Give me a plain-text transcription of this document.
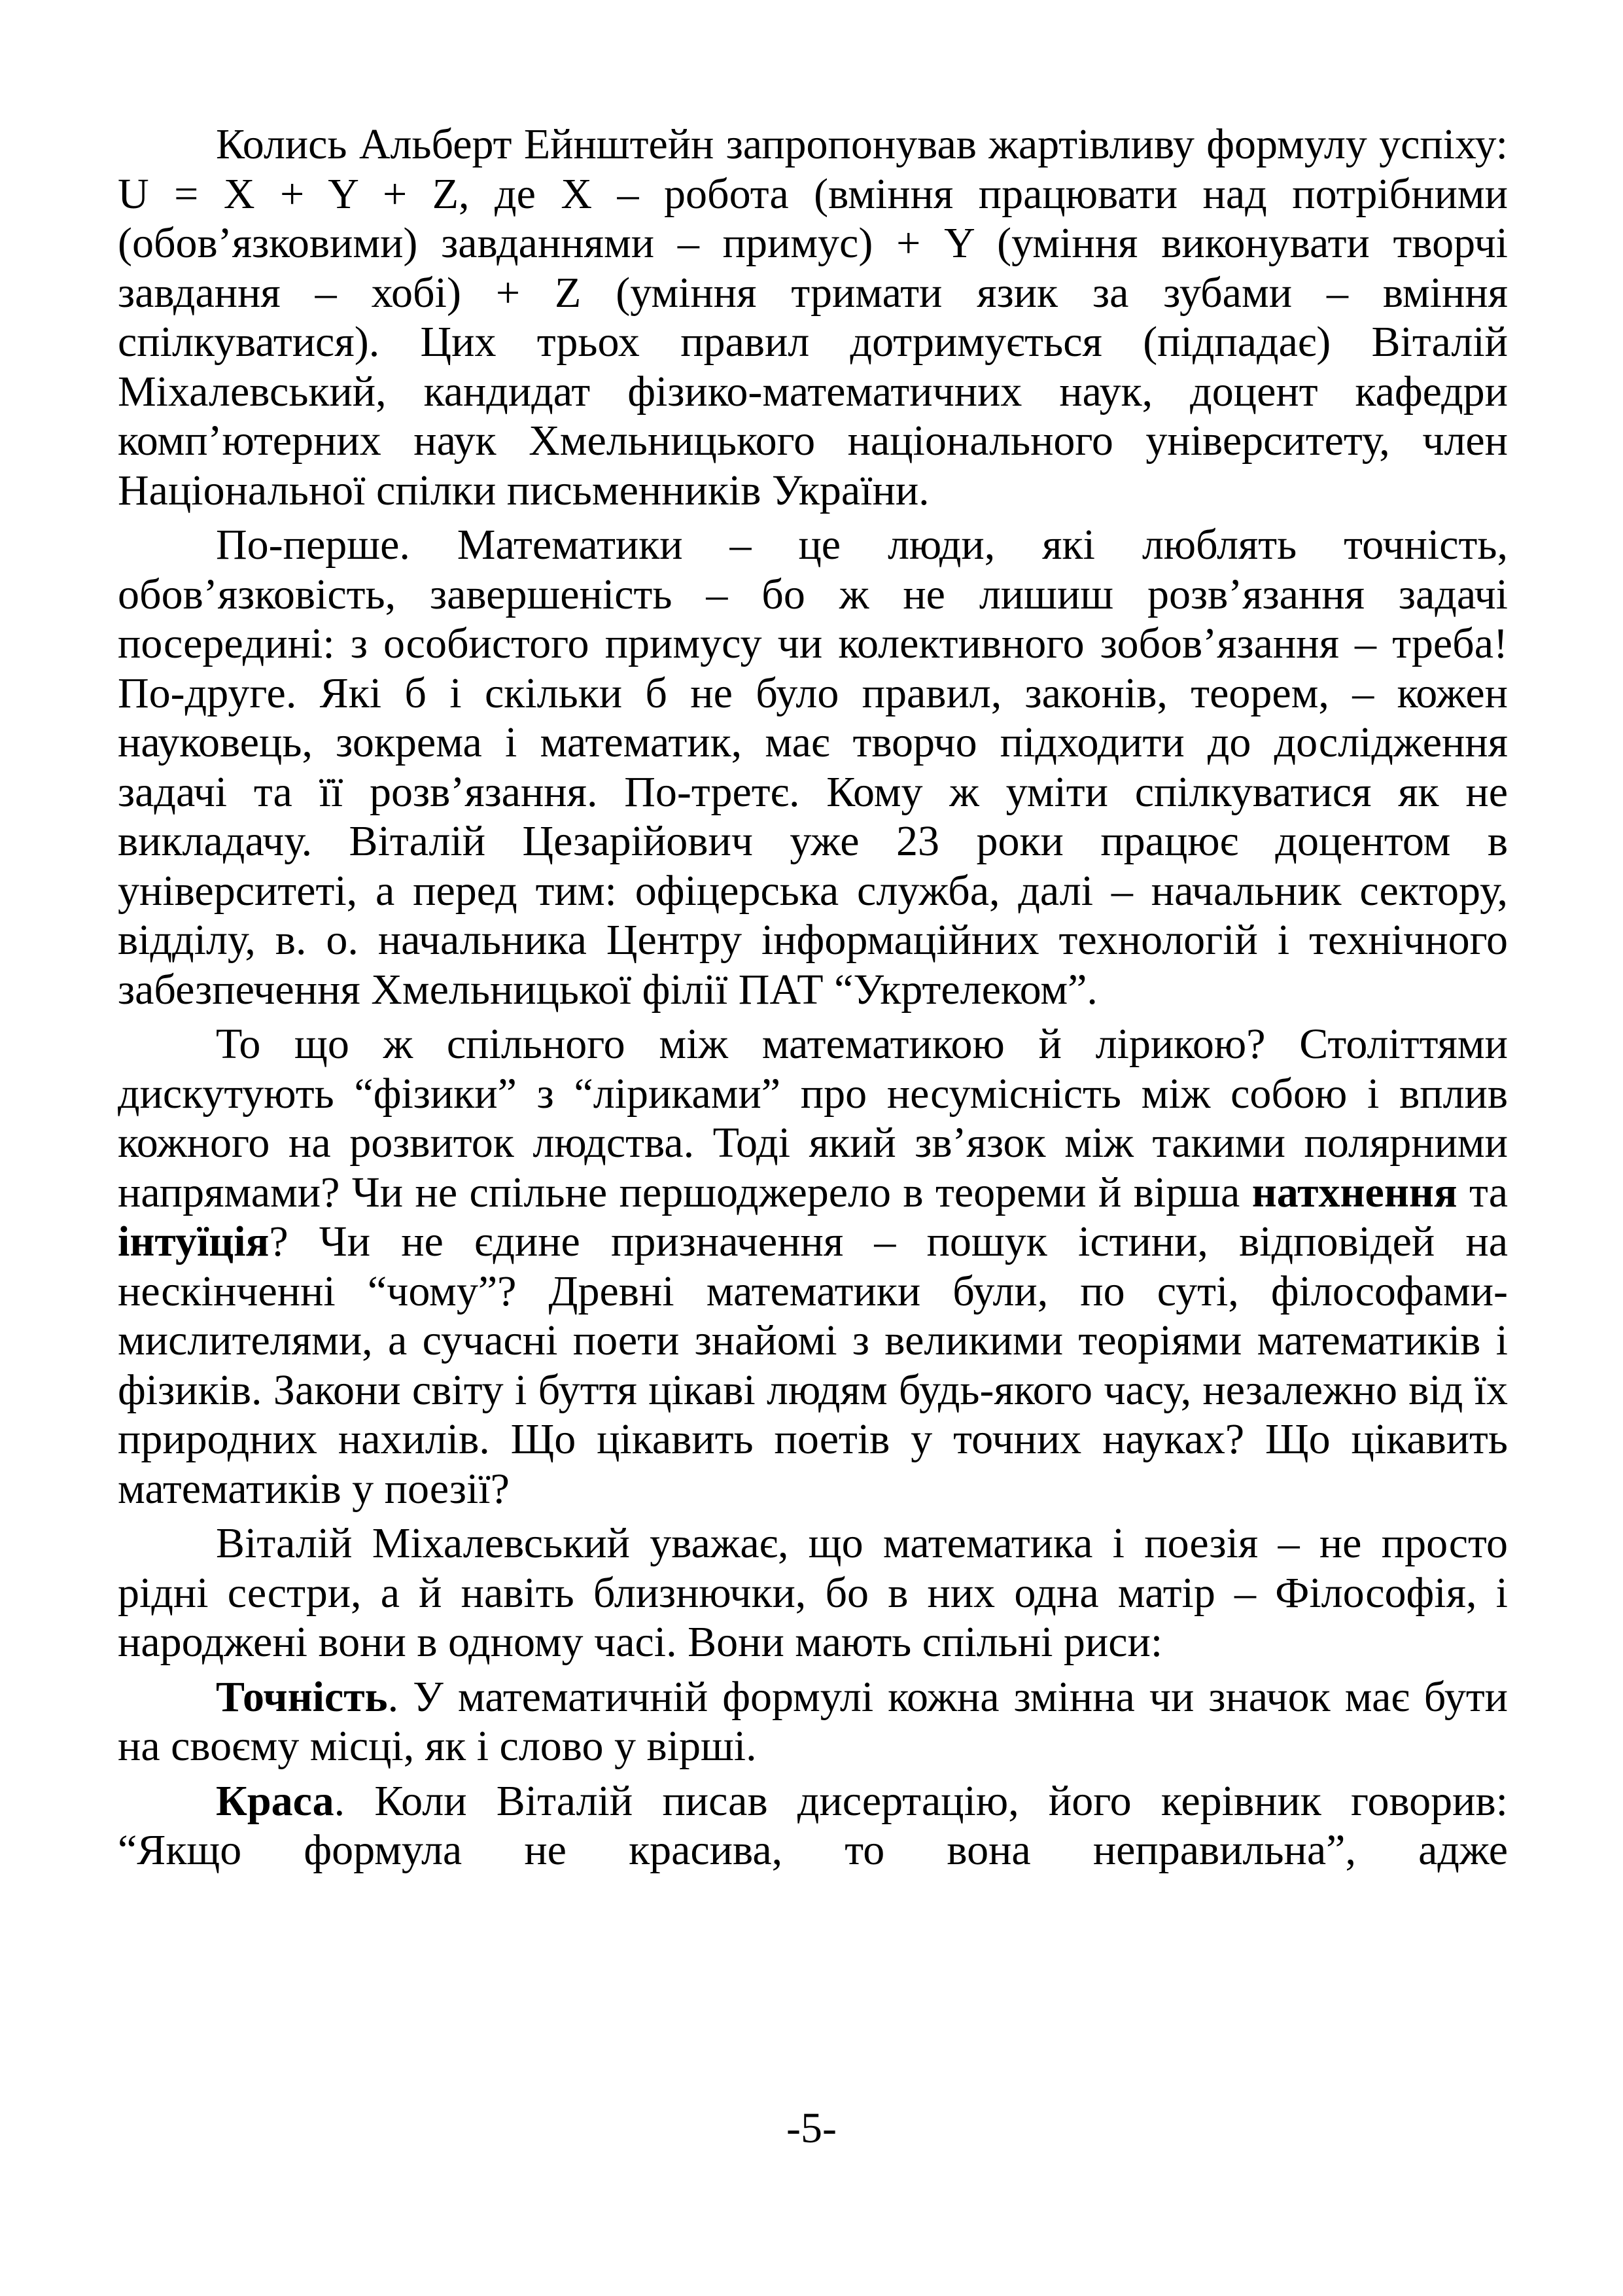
Колись Альберт Ейнштейн запропонував жартівливу формулу успіху: U = X + Y + Z, де X – робота (вміння працювати над потрібними (обов’язковими) завданнями – примус) + Y (уміння виконувати творчі завдання – хобі) + Z (уміння тримати язик за зубами – вміння спілкуватися). Цих трьох правил дотримується (підпадає) Віталій Міхалевський, кандидат фізико-математичних наук, доцент кафедри комп’ютерних наук Хмельницького національного університету, член Національної спілки письменників України.

По-перше. Математики – це люди, які люблять точність, обов’язковість, завершеність – бо ж не лишиш розв’язання задачі посередині: з особистого примусу чи колективного зобов’язання – треба! По-друге. Які б і скільки б не було правил, законів, теорем, – кожен науковець, зокрема і математик, має творчо підходити до дослідження задачі та її розв’язання. По-третє. Кому ж уміти спілкуватися як не викладачу. Віталій Цезарійович уже 23 роки працює доцентом в університеті, а перед тим: офіцерська служба, далі – начальник сектору, відділу, в. о. начальника Центру інформаційних технологій і технічного забезпечення Хмельницької філії ПАТ “Укртелеком”.

То що ж спільного між математикою й лірикою? Століттями дискутують “фізики” з “ліриками” про несумісність між собою і вплив кожного на розвиток людства. Тоді який зв’язок між такими полярними напрямами? Чи не спільне першоджерело в теореми й вірша натхнення та інтуїція? Чи не єдине призначення – пошук істини, відповідей на нескінченні “чому”? Древні математики були, по суті, філософами-мислителями, а сучасні поети знайомі з великими теоріями математиків і фізиків. Закони світу і буття цікаві людям будь-якого часу, незалежно від їх природних нахилів. Що цікавить поетів у точних науках? Що цікавить математиків у поезії?

Віталій Міхалевський уважає, що математика і поезія – не просто рідні сестри, а й навіть близнючки, бо в них одна матір – Філософія, і народжені вони в одному часі. Вони мають спільні риси:

Точність. У математичній формулі кожна змінна чи значок має бути на своєму місці, як і слово у вірші.

Краса. Коли Віталій писав дисертацію, його керівник говорив: “Якщо формула не красива, то вона неправильна”, адже

-5-
